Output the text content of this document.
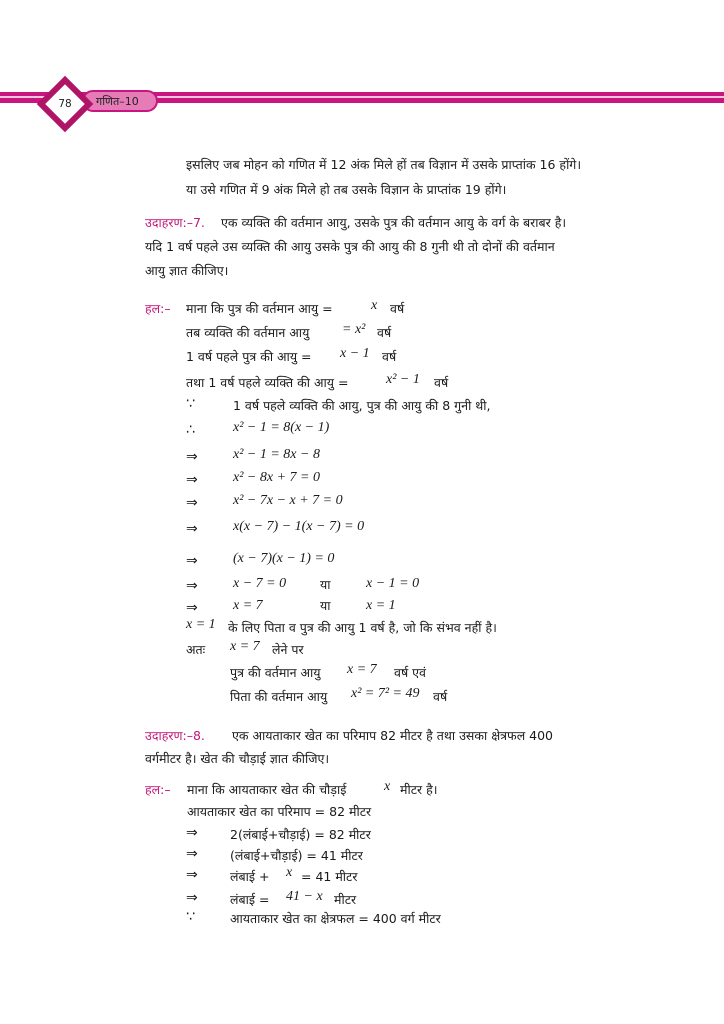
गणित–10
78
इसलिए जब मोहन को गणित में 12 अंक मिले हों तब विज्ञान में उसके प्राप्तांक 16 होंगे।
या उसे गणित में 9 अंक मिले हो तब उसके विज्ञान के प्राप्तांक 19 होंगे।
उदाहरण:–7. एक व्यक्ति की वर्तमान आयु, उसके पुत्र की वर्तमान आयु के वर्ग के बराबर है।
यदि 1 वर्ष पहले उस व्यक्ति की आयु उसके पुत्र की आयु की 8 गुनी थी तो दोनों की वर्तमान
आयु ज्ञात कीजिए।
हल:– माना कि पुत्र की वर्तमान आयु =	x वर्ष
तब व्यक्ति की वर्तमान आयु = x² वर्ष
1 वर्ष पहले पुत्र की आयु = x − 1 वर्ष
तथा 1 वर्ष पहले व्यक्ति की आयु =	x² − 1 वर्ष
∵	1 वर्ष पहले व्यक्ति की आयु, पुत्र की आयु की 8 गुनी थी,
∴	x² − 1 = 8(x − 1)
⇒	x² − 1 = 8x − 8
⇒	x² − 8x + 7 = 0
⇒	x² − 7x − x + 7 = 0
⇒	x(x − 7) − 1(x − 7) = 0
⇒	(x − 7)(x − 1) = 0
⇒	x − 7 = 0	या	x − 1 = 0
⇒	x = 7	या	x = 1
x = 1 के लिए पिता व पुत्र की आयु 1 वर्ष है, जो कि संभव नहीं है।
अतः x = 7 लेने पर
पुत्र की वर्तमान आयु x = 7 वर्ष एवं
पिता की वर्तमान आयु x² = 7² = 49 वर्ष
उदाहरण:–8. एक आयताकार खेत का परिमाप 82 मीटर है तथा उसका क्षेत्रफल 400
वर्गमीटर है। खेत की चौड़ाई ज्ञात कीजिए।
हल:– माना कि आयताकार खेत की चौड़ाई	x मीटर है।
आयताकार खेत का परिमाप = 82 मीटर
⇒	2(लंबाई+चौड़ाई) = 82 मीटर
⇒	(लंबाई+चौड़ाई) = 41 मीटर
⇒	लंबाई + x = 41 मीटर
⇒	लंबाई = 41 − x मीटर
∵	आयताकार खेत का क्षेत्रफल = 400 वर्ग मीटर
